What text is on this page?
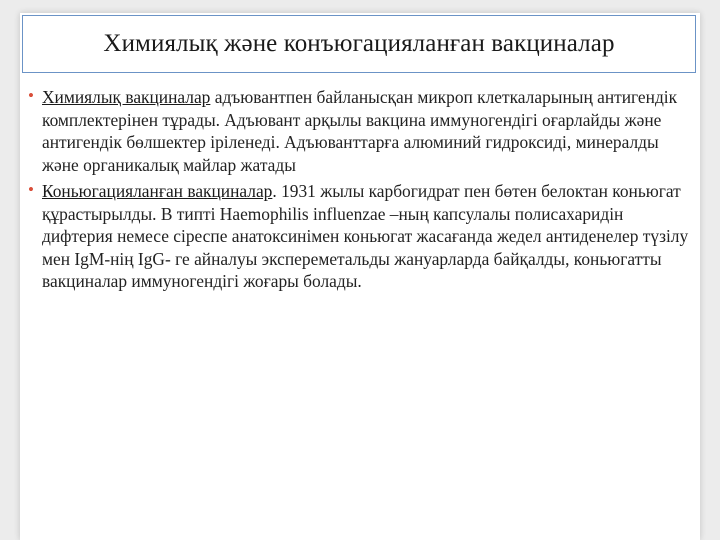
Химиялық және конъюгацияланған вакциналар
• Химиялық вакциналар адъювантпен байланысқан микроп клеткаларының антигендік комплектерінен тұрады. Адъювант арқылы вакцина иммуногендігі оғарлайды және антигендік бөлшектер іріленеді. Адъюванттарға алюминий гидроксиді, минералды және органикалық майлар жатады
• Коньюгацияланған вакциналар. 1931 жылы карбогидрат пен бөтен белоктан коньюгат құрастырылды. В типті Haemophilis influenzae –ның капсулалы полисахаридін дифтерия немесе сіреспе анатоксинімен коньюгат жасағанда жедел антиденелер түзілу мен IgM-нің IgG- ге айналуы экспереметальды жануарларда байқалды, коньюгатты вакциналар иммуногендігі жоғары болады.
